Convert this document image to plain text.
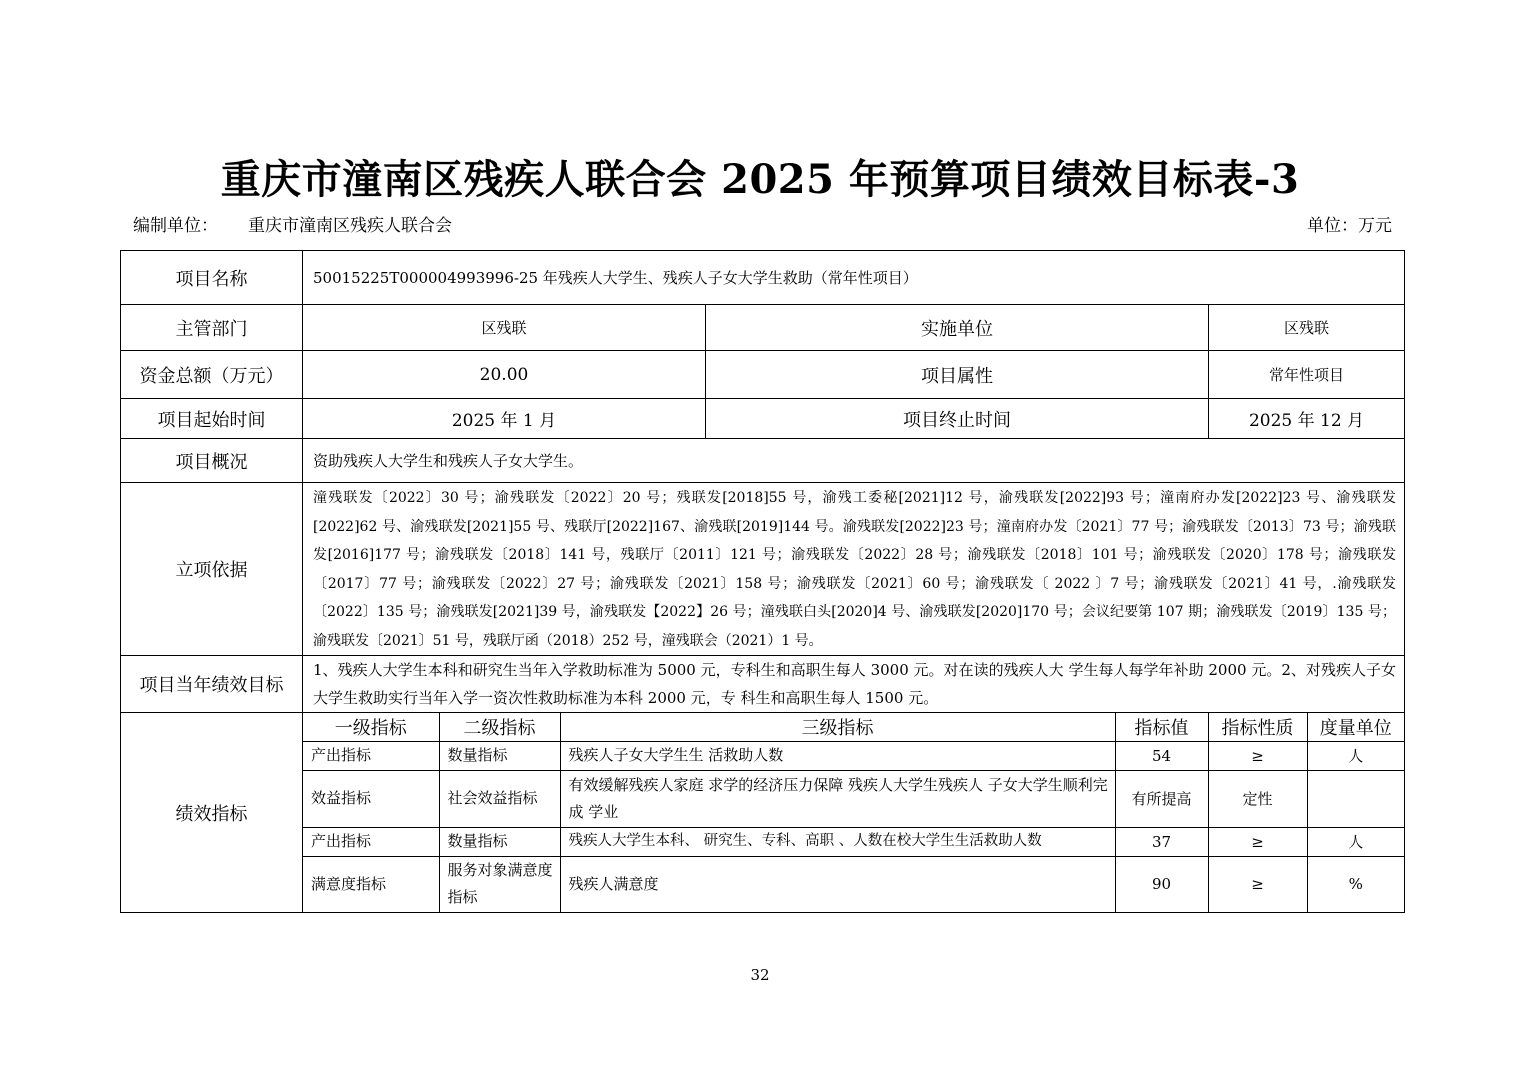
重庆市潼南区残疾人联合会 2025 年预算项目绩效目标表-3
编制单位： 重庆市潼南区残疾人联合会	单位：万元
项目名称	50015225T000004993996-25 年残疾人大学生、残疾人子女大学生救助（常年性项目）
主管部门	区残联	实施单位	区残联
资金总额（万元）	20.00	项目属性	常年性项目
项目起始时间	2025 年 1 月	项目终止时间	2025 年 12 月
项目概况	资助残疾人大学生和残疾人子女大学生。
立项依据	潼残联发〔2022〕30 号；渝残联发〔2022〕20 号；残联发[2018]55 号，渝残工委秘[2021]12 号，渝残联发[2022]93 号；潼南府办发[2022]23 号、渝残联发[2022]62 号、渝残联发[2021]55 号、残联厅[2022]167、渝残联[2019]144 号。渝残联发[2022]23 号；潼南府办发〔2021〕77 号；渝残联发〔2013〕73 号；渝残联发[2016]177 号；渝残联发〔2018〕141 号，残联厅〔2011〕121 号；渝残联发〔2022〕28 号；渝残联发〔2018〕101 号；渝残联发〔2020〕178 号；渝残联发〔2017〕77 号；渝残联发〔2022〕27 号；渝残联发〔2021〕158 号；渝残联发〔2021〕60 号；渝残联发〔 2022 〕7 号；渝残联发〔2021〕41 号，.渝残联发〔2022〕135 号；渝残联发[2021]39 号，渝残联发【2022】26 号；潼残联白头[2020]4 号、渝残联发[2020]170 号；会议纪要第 107 期；渝残联发〔2019〕135 号；渝残联发〔2021〕51 号，残联厅函（2018）252 号，潼残联会（2021）1 号。
项目当年绩效目标	1、残疾人大学生本科和研究生当年入学救助标准为 5000 元，专科生和高职生每人 3000 元。对在读的残疾人大 学生每人每学年补助 2000 元。2、对残疾人子女大学生救助实行当年入学一资次性救助标准为本科 2000 元，专 科生和高职生每人 1500 元。
绩效指标	
一级指标	二级指标	三级指标	指标值	指标性质	度量单位
产出指标	数量指标	残疾人子女大学生生 活救助人数	54	≥	人
效益指标	社会效益指标	有效缓解残疾人家庭 求学的经济压力保障 残疾人大学生残疾人 子女大学生顺利完成 学业	有所提高	定性	
产出指标	数量指标	残疾人大学生本科、 研究生、专科、高职 、人数在校大学生生活救助人数	37	≥	人
满意度指标	服务对象满意度指标	残疾人满意度	90	≥	%
32
